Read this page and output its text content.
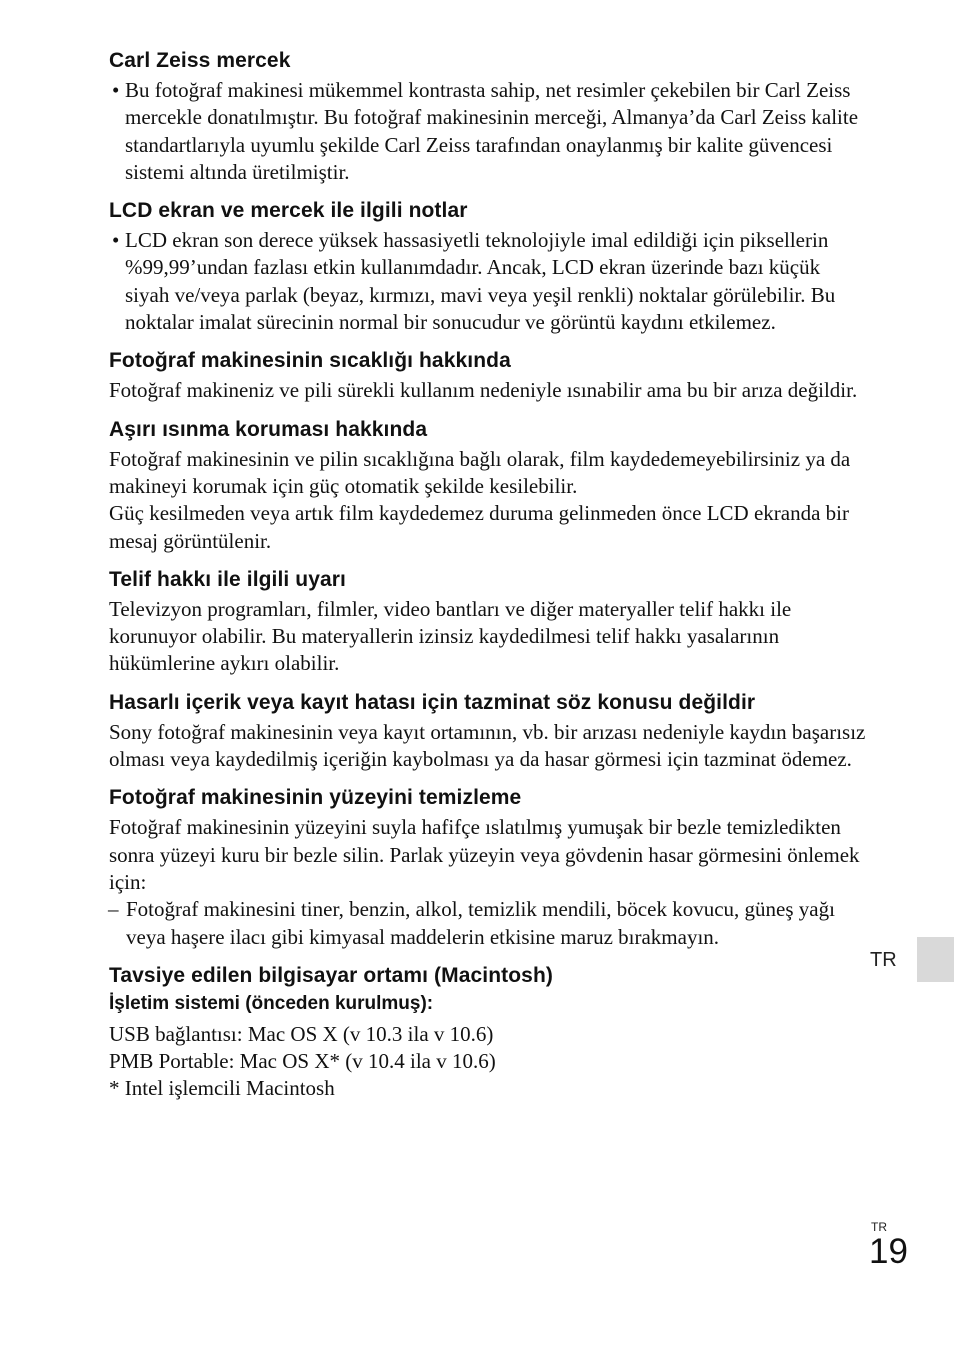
Carl Zeiss mercek
• Bu fotoğraf makinesi mükemmel kontrasta sahip, net resimler çekebilen bir Carl Zeiss mercekle donatılmıştır. Bu fotoğraf makinesinin merceği, Almanya’da Carl Zeiss kalite standartlarıyla uyumlu şekilde Carl Zeiss tarafından onaylanmış bir kalite güvencesi sistemi altında üretilmiştir.
LCD ekran ve mercek ile ilgili notlar
• LCD ekran son derece yüksek hassasiyetli teknolojiyle imal edildiği için piksellerin %99,99’undan fazlası etkin kullanımdadır. Ancak, LCD ekran üzerinde bazı küçük siyah ve/veya parlak (beyaz, kırmızı, mavi veya yeşil renkli) noktalar görülebilir. Bu noktalar imalat sürecinin normal bir sonucudur ve görüntü kaydını etkilemez.
Fotoğraf makinesinin sıcaklığı hakkında

Fotoğraf makineniz ve pili sürekli kullanım nedeniyle ısınabilir ama bu bir arıza değildir.

Aşırı ısınma koruması hakkında

Fotoğraf makinesinin ve pilin sıcaklığına bağlı olarak, film kaydedemeyebilirsiniz ya da makineyi korumak için güç otomatik şekilde kesilebilir.

Güç kesilmeden veya artık film kaydedemez duruma gelinmeden önce LCD ekranda bir mesaj görüntülenir.

Telif hakkı ile ilgili uyarı

Televizyon programları, filmler, video bantları ve diğer materyaller telif hakkı ile korunuyor olabilir. Bu materyallerin izinsiz kaydedilmesi telif hakkı yasalarının hükümlerine aykırı olabilir.

Hasarlı içerik veya kayıt hatası için tazminat söz konusu değildir

Sony fotoğraf makinesinin veya kayıt ortamının, vb. bir arızası nedeniyle kaydın başarısız olması veya kaydedilmiş içeriğin kaybolması ya da hasar görmesi için tazminat ödemez.

Fotoğraf makinesinin yüzeyini temizleme

Fotoğraf makinesinin yüzeyini suyla hafifçe ıslatılmış yumuşak bir bezle temizledikten sonra yüzeyi kuru bir bezle silin. Parlak yüzeyin veya gövdenin hasar görmesini önlemek için:

– Fotoğraf makinesini tiner, benzin, alkol, temizlik mendili, böcek kovucu, güneş yağı veya haşere ilacı gibi kimyasal maddelerin etkisine maruz bırakmayın.
Tavsiye edilen bilgisayar ortamı (Macintosh)
İşletim sistemi (önceden kurulmuş):

USB bağlantısı: Mac OS X (v 10.3 ila v 10.6)

PMB Portable: Mac OS X* (v 10.4 ila v 10.6)

* Intel işlemcili Macintosh

TR
TR
19
